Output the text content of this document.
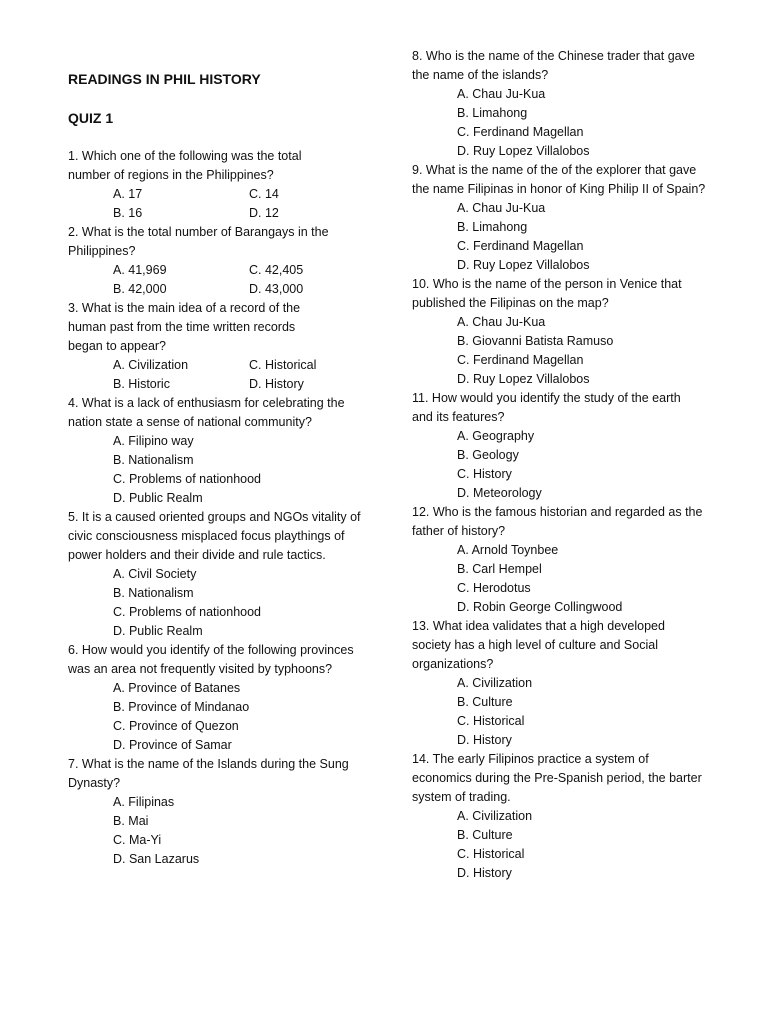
READINGS IN PHIL HISTORY
QUIZ 1
1. Which one of the following was the total number of regions in the Philippines?
A. 17	C. 14
B. 16	D. 12
2. What is the total number of Barangays in the Philippines?
A. 41,969	C. 42,405
B. 42,000	D. 43,000
3. What is the main idea of a record of the human past from the time written records began to appear?
A. Civilization	C. Historical
B. Historic	D. History
4. What is a lack of enthusiasm for celebrating the nation state a sense of national community?
A. Filipino way
B. Nationalism
C. Problems of nationhood
D. Public Realm
5. It is a caused oriented groups and NGOs vitality of civic consciousness misplaced focus playthings of power holders and their divide and rule tactics.
A. Civil Society
B. Nationalism
C. Problems of nationhood
D. Public Realm
6. How would you identify of the following provinces was an area not frequently visited by typhoons?
A. Province of Batanes
B. Province of Mindanao
C. Province of Quezon
D. Province of Samar
7. What is the name of the Islands during the Sung Dynasty?
A. Filipinas
B. Mai
C. Ma-Yi
D. San Lazarus
8. Who is the name of the Chinese trader that gave the name of the islands?
A. Chau Ju-Kua
B. Limahong
C. Ferdinand Magellan
D. Ruy Lopez Villalobos
9. What is the name of the of the explorer that gave the name Filipinas in honor of King Philip II of Spain?
A. Chau Ju-Kua
B. Limahong
C. Ferdinand Magellan
D. Ruy Lopez Villalobos
10. Who is the name of the person in Venice that published the Filipinas on the map?
A. Chau Ju-Kua
B. Giovanni Batista Ramuso
C. Ferdinand Magellan
D. Ruy Lopez Villalobos
11. How would you identify the study of the earth and its features?
A. Geography
B. Geology
C. History
D. Meteorology
12. Who is the famous historian and regarded as the father of history?
A. Arnold Toynbee
B. Carl Hempel
C. Herodotus
D. Robin George Collingwood
13. What idea validates that a high developed society has a high level of culture and Social organizations?
A. Civilization
B. Culture
C. Historical
D. History
14. The early Filipinos practice a system of economics during the Pre-Spanish period, the barter system of trading.
A. Civilization
B. Culture
C. Historical
D. History
